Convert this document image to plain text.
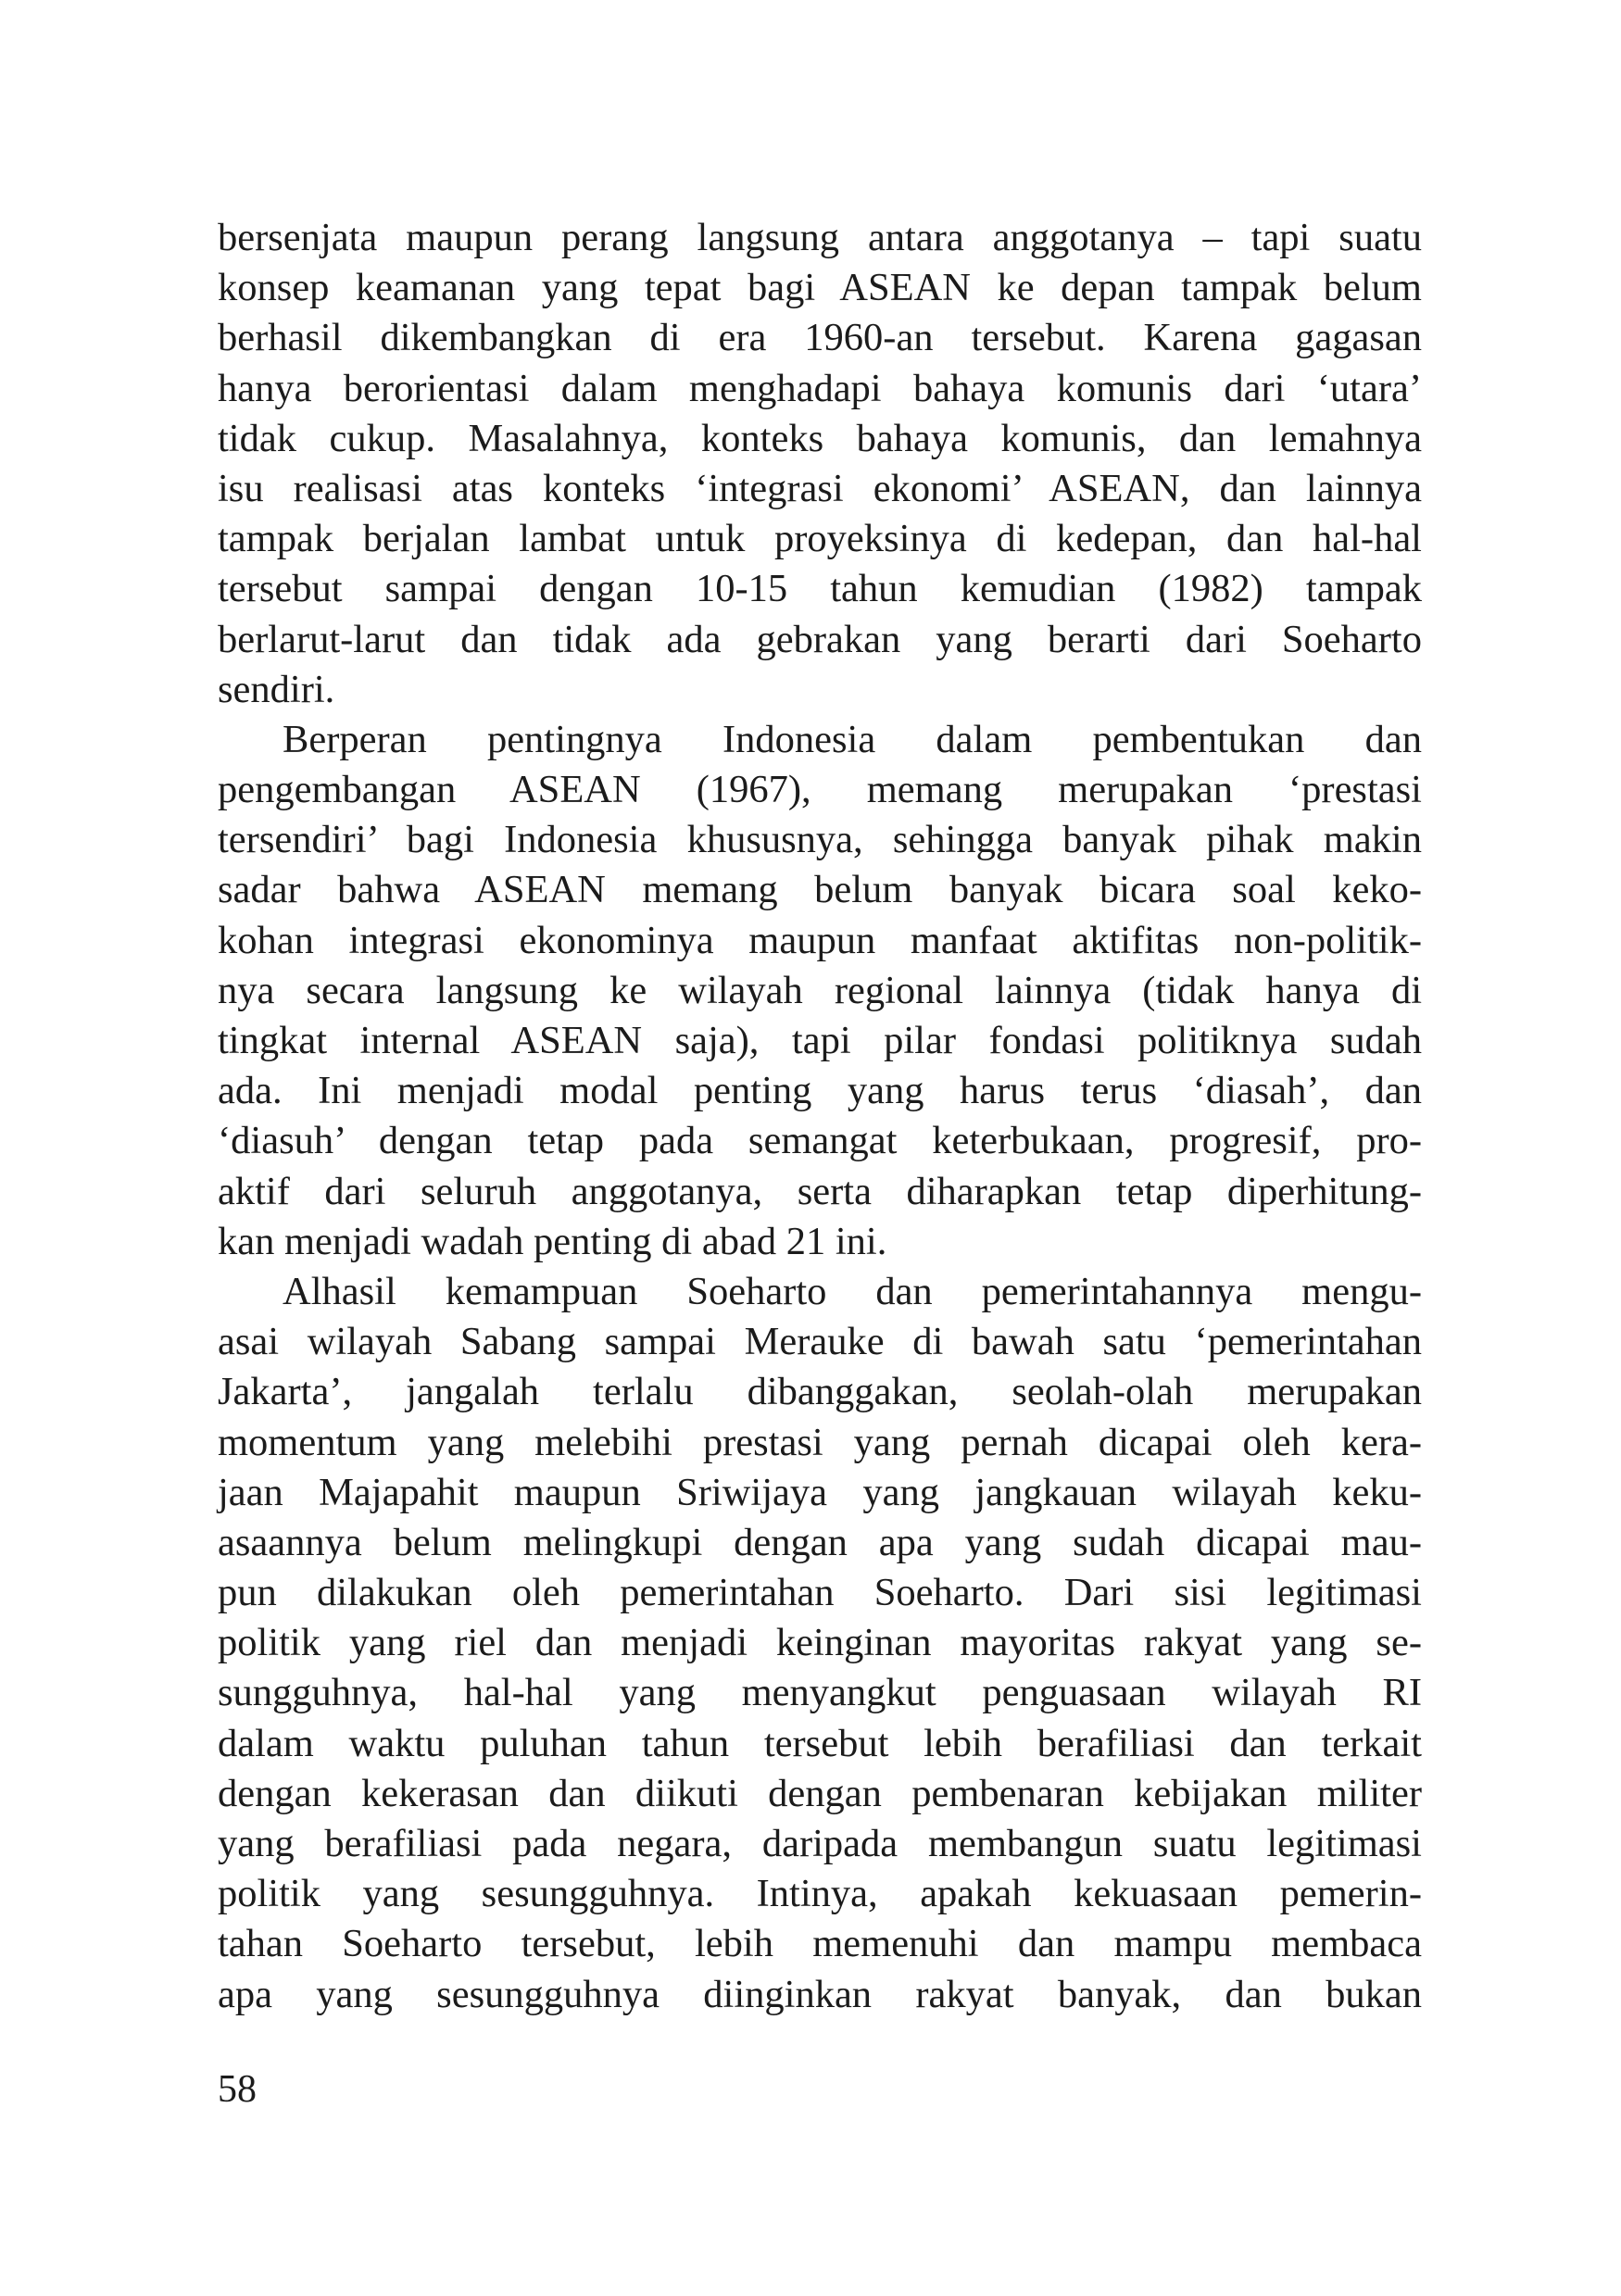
bersenjata maupun perang langsung antara anggotanya – tapi suatu
konsep keamanan yang tepat bagi ASEAN ke depan tampak belum
berhasil dikembangkan di era 1960-an tersebut. Karena gagasan
hanya berorientasi dalam menghadapi bahaya komunis dari ‘utara’
tidak cukup. Masalahnya, konteks bahaya komunis, dan lemahnya
isu realisasi atas konteks ‘integrasi ekonomi’ ASEAN, dan lainnya
tampak berjalan lambat untuk proyeksinya di kedepan, dan hal-hal
tersebut sampai dengan 10-15 tahun kemudian (1982) tampak
berlarut-larut dan tidak ada gebrakan yang berarti dari Soeharto
sendiri.
Berperan pentingnya Indonesia dalam pembentukan dan
pengembangan ASEAN (1967), memang merupakan ‘prestasi
tersendiri’ bagi Indonesia khususnya, sehingga banyak pihak makin
sadar bahwa ASEAN memang belum banyak bicara soal keko-
kohan integrasi ekonominya maupun manfaat aktifitas non-politik-
nya secara langsung ke wilayah regional lainnya (tidak hanya di
tingkat internal ASEAN saja), tapi pilar fondasi politiknya sudah
ada. Ini menjadi modal penting yang harus terus ‘diasah’, dan
‘diasuh’ dengan tetap pada semangat keterbukaan, progresif, pro-
aktif dari seluruh anggotanya, serta diharapkan tetap diperhitung-
kan menjadi wadah penting di abad 21 ini.
Alhasil kemampuan Soeharto dan pemerintahannya mengu-
asai wilayah Sabang sampai Merauke di bawah satu ‘pemerintahan
Jakarta’, jangalah terlalu dibanggakan, seolah-olah merupakan
momentum yang melebihi prestasi yang pernah dicapai oleh kera-
jaan Majapahit maupun Sriwijaya yang jangkauan wilayah keku-
asaannya belum melingkupi dengan apa yang sudah dicapai mau-
pun dilakukan oleh pemerintahan Soeharto. Dari sisi legitimasi
politik yang riel dan menjadi keinginan mayoritas rakyat yang se-
sungguhnya, hal-hal yang menyangkut penguasaan wilayah RI
dalam waktu puluhan tahun tersebut lebih berafiliasi dan terkait
dengan kekerasan dan diikuti dengan pembenaran kebijakan militer
yang berafiliasi pada negara, daripada membangun suatu legitimasi
politik yang sesungguhnya. Intinya, apakah kekuasaan pemerin-
tahan Soeharto tersebut, lebih memenuhi dan mampu membaca
apa yang sesungguhnya diinginkan rakyat banyak, dan bukan
58
